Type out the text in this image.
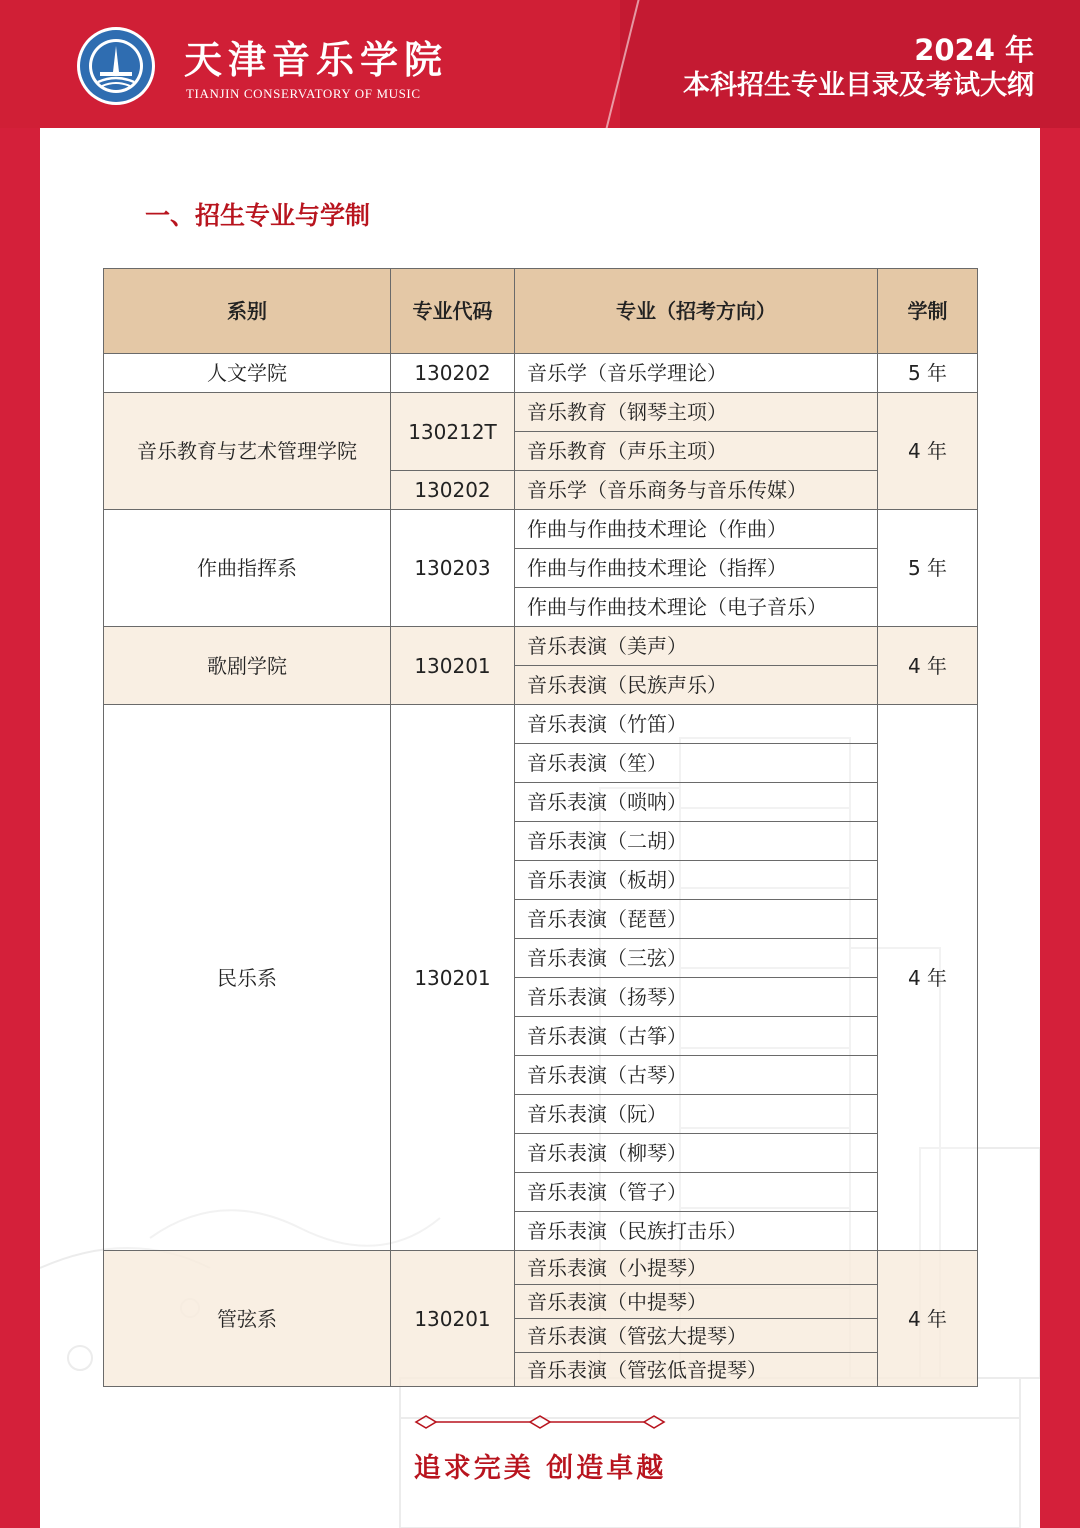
天津音乐学院
TIANJIN CONSERVATORY OF MUSIC
2024 年
本科招生专业目录及考试大纲
一、招生专业与学制
系别	专业代码	专业（招考方向）	学制
人文学院	130202	音乐学（音乐学理论）	5 年
音乐教育与艺术管理学院	130212T	音乐教育（钢琴主项）	4 年
		音乐教育（声乐主项）	
	130202	音乐学（音乐商务与音乐传媒）	
作曲指挥系	130203	作曲与作曲技术理论（作曲）	5 年
		作曲与作曲技术理论（指挥）	
		作曲与作曲技术理论（电子音乐）	
歌剧学院	130201	音乐表演（美声）	4 年
		音乐表演（民族声乐）	
民乐系	130201	音乐表演（竹笛）	4 年
		音乐表演（笙）	
		音乐表演（唢呐）	
		音乐表演（二胡）	
		音乐表演（板胡）	
		音乐表演（琵琶）	
		音乐表演（三弦）	
		音乐表演（扬琴）	
		音乐表演（古筝）	
		音乐表演（古琴）	
		音乐表演（阮）	
		音乐表演（柳琴）	
		音乐表演（管子）	
		音乐表演（民族打击乐）	
管弦系	130201	音乐表演（小提琴）	4 年
		音乐表演（中提琴）	
		音乐表演（管弦大提琴）	
		音乐表演（管弦低音提琴）	
追求完美 创造卓越
